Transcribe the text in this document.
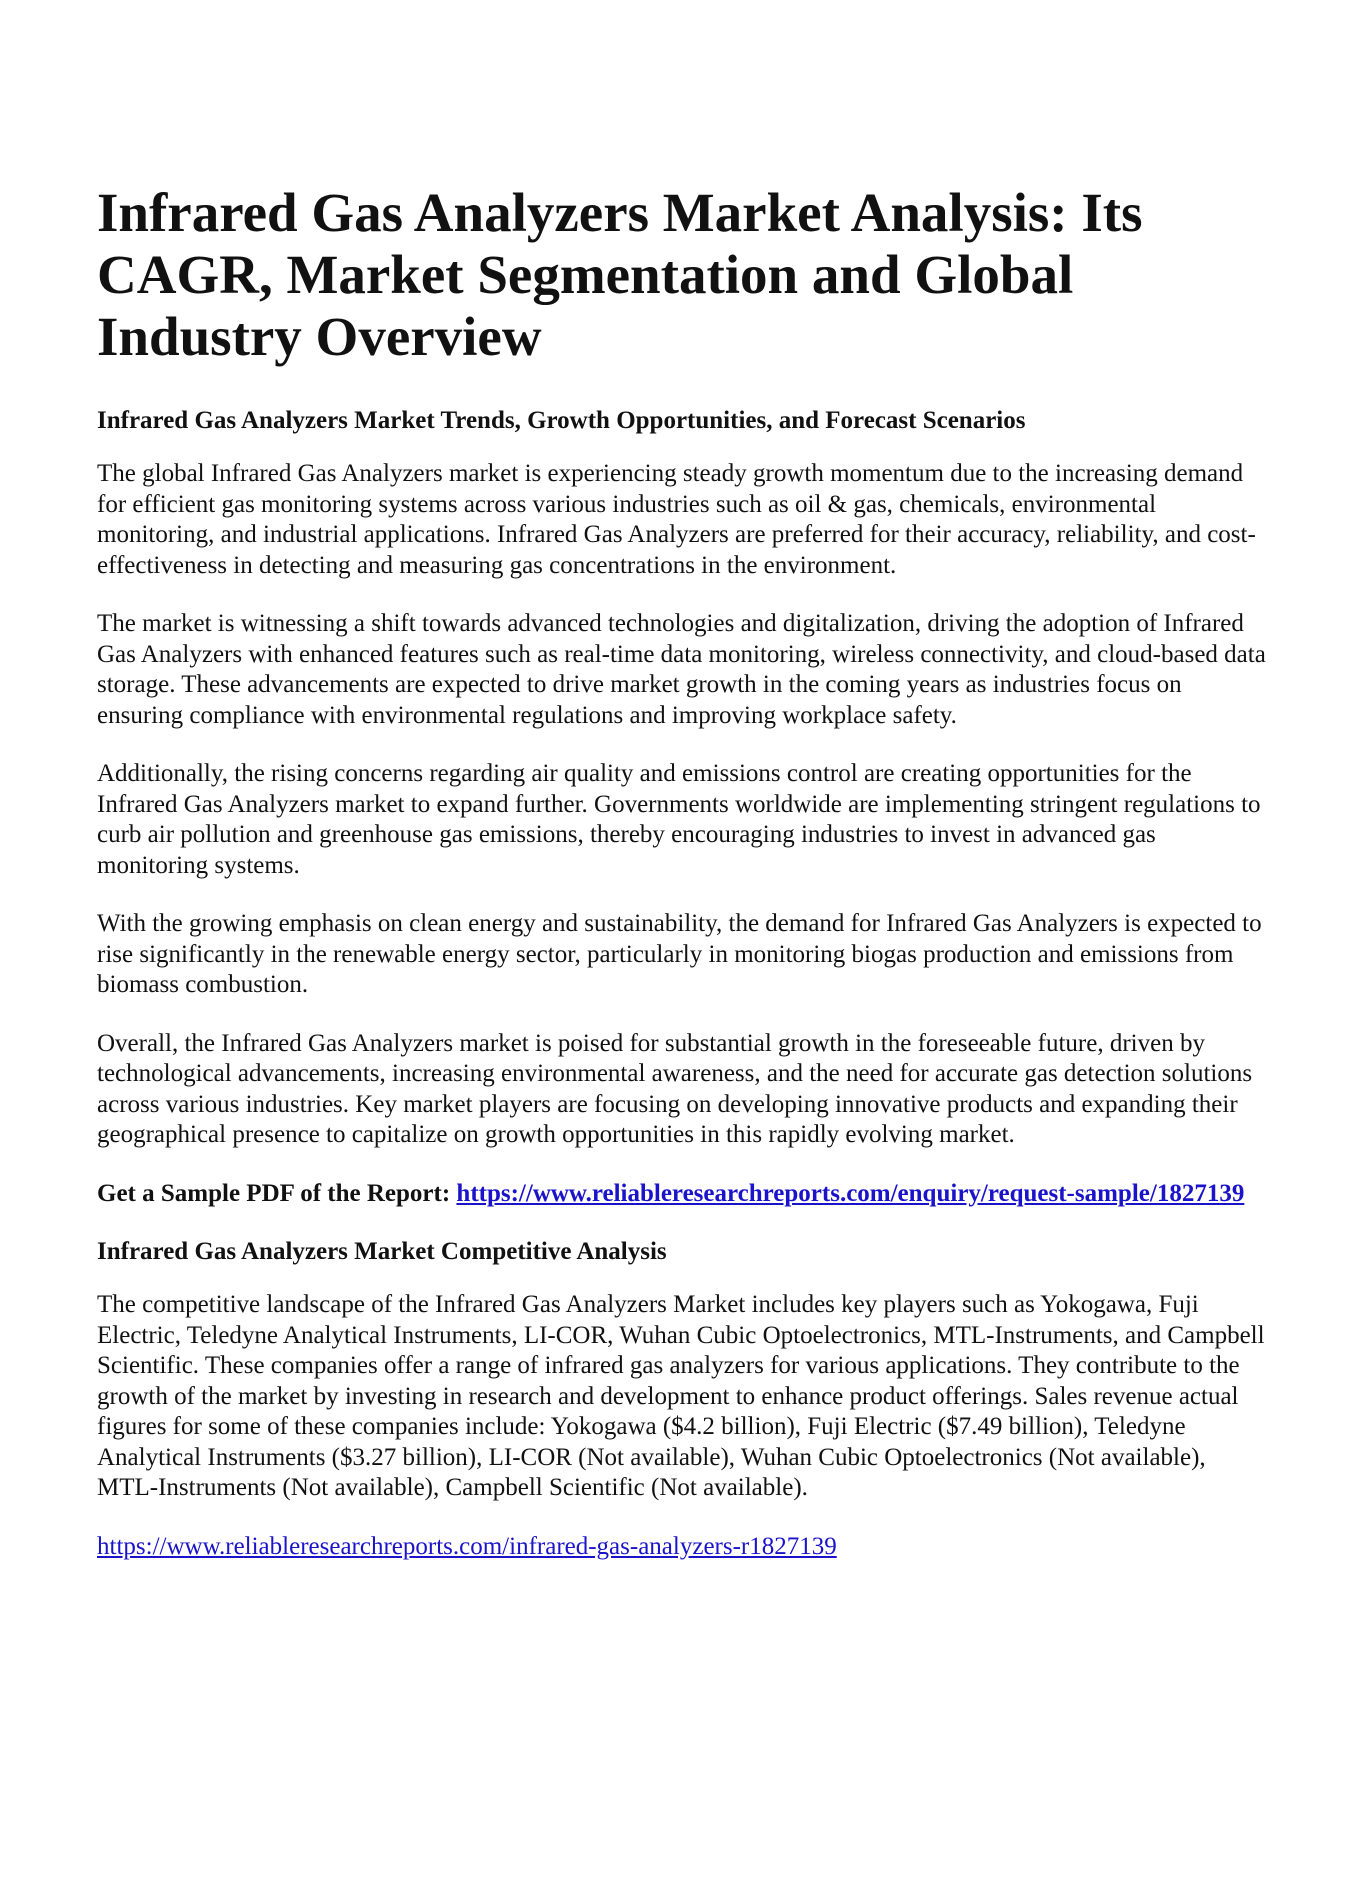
Infrared Gas Analyzers Market Analysis: Its CAGR, Market Segmentation and Global Industry Overview
Infrared Gas Analyzers Market Trends, Growth Opportunities, and Forecast Scenarios

The global Infrared Gas Analyzers market is experiencing steady growth momentum due to the increasing demand for efficient gas monitoring systems across various industries such as oil & gas, chemicals, environmental monitoring, and industrial applications. Infrared Gas Analyzers are preferred for their accuracy, reliability, and cost-effectiveness in detecting and measuring gas concentrations in the environment.

The market is witnessing a shift towards advanced technologies and digitalization, driving the adoption of Infrared Gas Analyzers with enhanced features such as real-time data monitoring, wireless connectivity, and cloud-based data storage. These advancements are expected to drive market growth in the coming years as industries focus on ensuring compliance with environmental regulations and improving workplace safety.

Additionally, the rising concerns regarding air quality and emissions control are creating opportunities for the Infrared Gas Analyzers market to expand further. Governments worldwide are implementing stringent regulations to curb air pollution and greenhouse gas emissions, thereby encouraging industries to invest in advanced gas monitoring systems.

With the growing emphasis on clean energy and sustainability, the demand for Infrared Gas Analyzers is expected to rise significantly in the renewable energy sector, particularly in monitoring biogas production and emissions from biomass combustion.

Overall, the Infrared Gas Analyzers market is poised for substantial growth in the foreseeable future, driven by technological advancements, increasing environmental awareness, and the need for accurate gas detection solutions across various industries. Key market players are focusing on developing innovative products and expanding their geographical presence to capitalize on growth opportunities in this rapidly evolving market.

Get a Sample PDF of the Report: https://www.reliableresearchreports.com/enquiry/request-sample/1827139

Infrared Gas Analyzers Market Competitive Analysis

The competitive landscape of the Infrared Gas Analyzers Market includes key players such as Yokogawa, Fuji Electric, Teledyne Analytical Instruments, LI-COR, Wuhan Cubic Optoelectronics, MTL-Instruments, and Campbell Scientific. These companies offer a range of infrared gas analyzers for various applications. They contribute to the growth of the market by investing in research and development to enhance product offerings. Sales revenue actual figures for some of these companies include: Yokogawa ($4.2 billion), Fuji Electric ($7.49 billion), Teledyne Analytical Instruments ($3.27 billion), LI-COR (Not available), Wuhan Cubic Optoelectronics (Not available), MTL-Instruments (Not available), Campbell Scientific (Not available).

https://www.reliableresearchreports.com/infrared-gas-analyzers-r1827139
